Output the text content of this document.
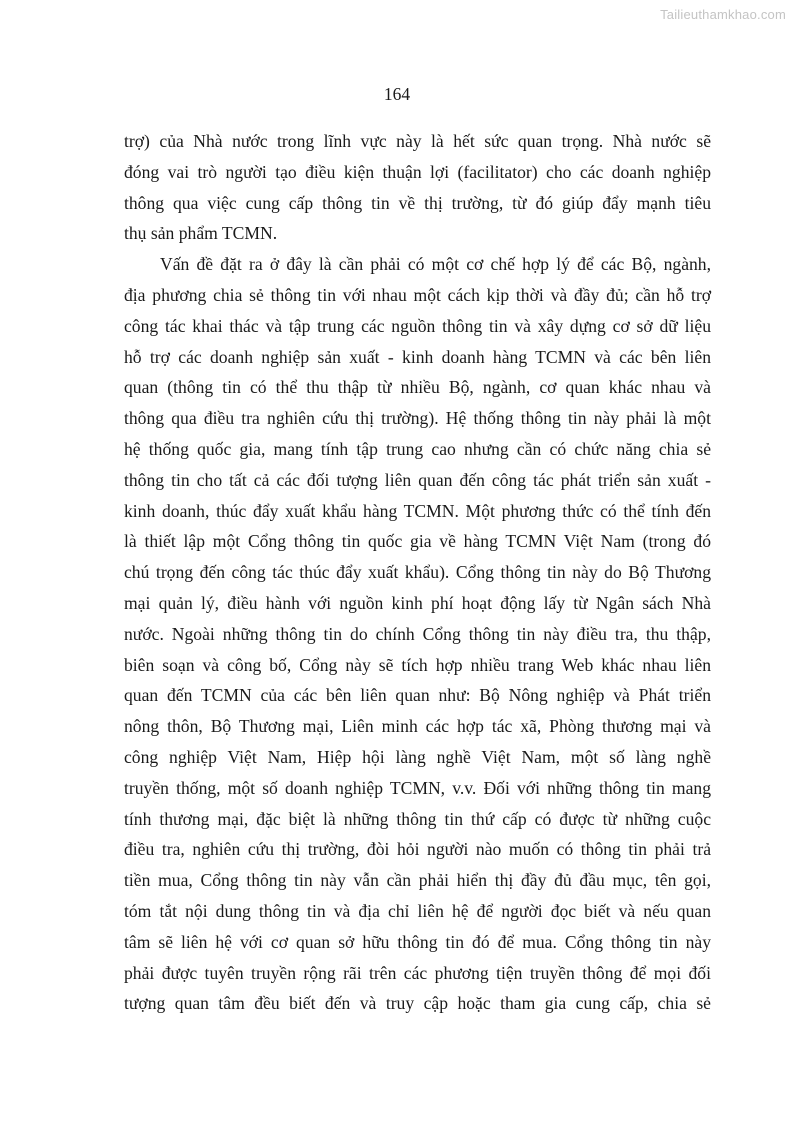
Tailieuthamkhao.com
164

trợ) của Nhà nước trong lĩnh vực này là hết sức quan trọng. Nhà nước sẽ
đóng vai trò người tạo điều kiện thuận lợi (facilitator) cho các doanh nghiệp
thông qua việc cung cấp thông tin về thị trường, từ đó giúp đẩy mạnh tiêu
thụ sản phẩm TCMN.

Vấn đề đặt ra ở đây là cần phải có một cơ chế hợp lý để các Bộ, ngành,
địa phương chia sẻ thông tin với nhau một cách kịp thời và đầy đủ; cần hỗ trợ
công tác khai thác và tập trung các nguồn thông tin và xây dựng cơ sở dữ liệu
hỗ trợ các doanh nghiệp sản xuất - kinh doanh hàng TCMN và các bên liên
quan (thông tin có thể thu thập từ nhiều Bộ, ngành, cơ quan khác nhau và
thông qua điều tra nghiên cứu thị trường). Hệ thống thông tin này phải là một
hệ thống quốc gia, mang tính tập trung cao nhưng cần có chức năng chia sẻ
thông tin cho tất cả các đối tượng liên quan đến công tác phát triển sản xuất -
kinh doanh, thúc đẩy xuất khẩu hàng TCMN. Một phương thức có thể tính đến
là thiết lập một Cổng thông tin quốc gia về hàng TCMN Việt Nam (trong đó
chú trọng đến công tác thúc đẩy xuất khẩu). Cổng thông tin này do Bộ Thương
mại quản lý, điều hành với nguồn kinh phí hoạt động lấy từ Ngân sách Nhà
nước. Ngoài những thông tin do chính Cổng thông tin này điều tra, thu thập,
biên soạn và công bố, Cổng này sẽ tích hợp nhiều trang Web khác nhau liên
quan đến TCMN của các bên liên quan như: Bộ Nông nghiệp và Phát triển
nông thôn, Bộ Thương mại, Liên minh các hợp tác xã, Phòng thương mại và
công nghiệp Việt Nam, Hiệp hội làng nghề Việt Nam, một số làng nghề
truyền thống, một số doanh nghiệp TCMN, v.v. Đối với những thông tin mang
tính thương mại, đặc biệt là những thông tin thứ cấp có được từ những cuộc
điều tra, nghiên cứu thị trường, đòi hỏi người nào muốn có thông tin phải trả
tiền mua, Cổng thông tin này vẫn cần phải hiển thị đầy đủ đầu mục, tên gọi,
tóm tắt nội dung thông tin và địa chỉ liên hệ để người đọc biết và nếu quan
tâm sẽ liên hệ với cơ quan sở hữu thông tin đó để mua. Cổng thông tin này
phải được tuyên truyền rộng rãi trên các phương tiện truyền thông để mọi đối
tượng quan tâm đều biết đến và truy cập hoặc tham gia cung cấp, chia sẻ
